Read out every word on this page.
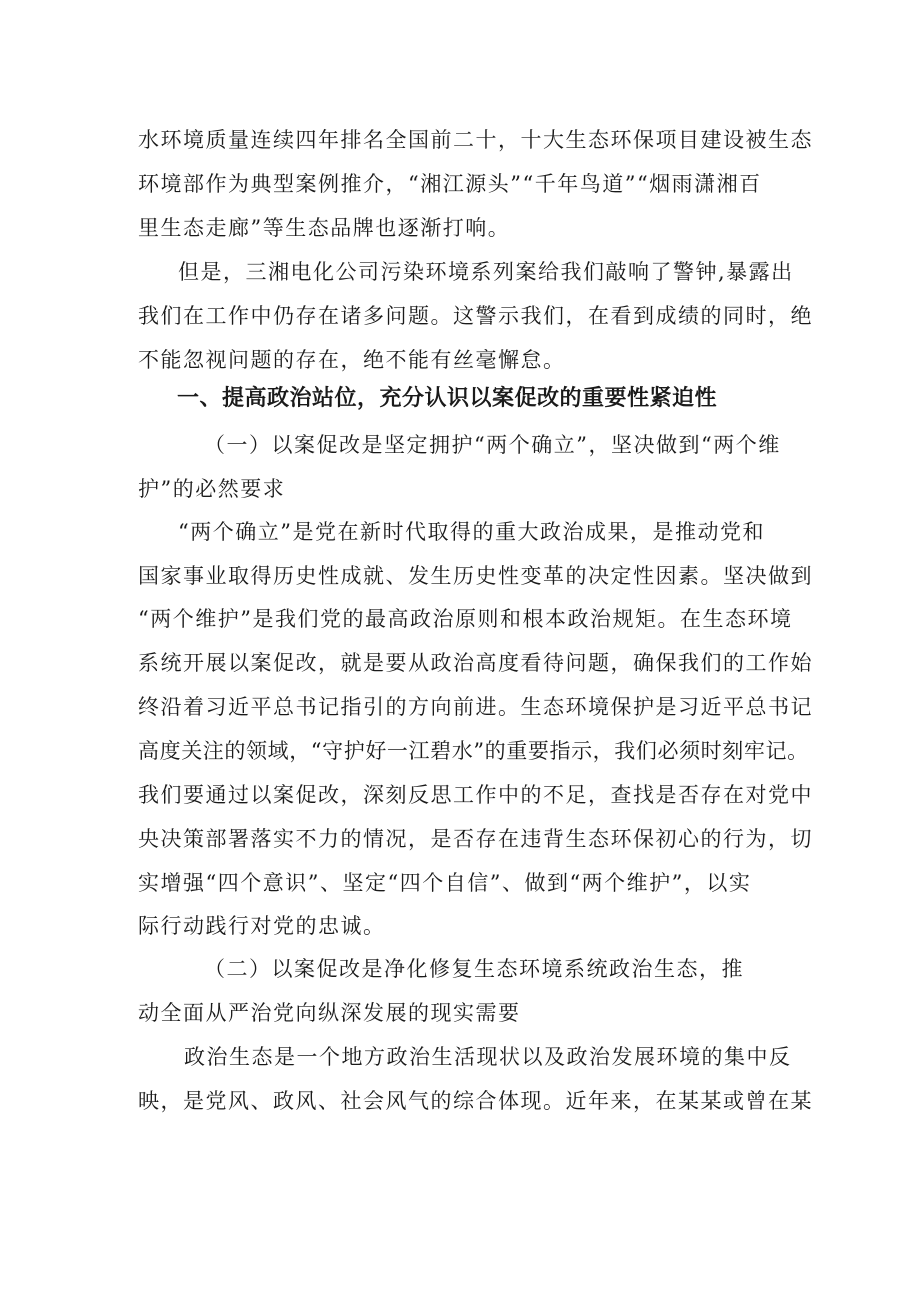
水环境质量连续四年排名全国前二十，十大生态环保项目建设被生态
环境部作为典型案例推介，“湘江源头”“千年鸟道”“烟雨潇湘百
里生态走廊”等生态品牌也逐渐打响。
但是，三湘电化公司污染环境系列案给我们敲响了警钟,暴露出
我们在工作中仍存在诸多问题。这警示我们，在看到成绩的同时，绝
不能忽视问题的存在，绝不能有丝毫懈怠。
一、提高政治站位，充分认识以案促改的重要性紧迫性
（一）以案促改是坚定拥护“两个确立”，坚决做到“两个维
护”的必然要求
“两个确立”是党在新时代取得的重大政治成果，是推动党和
国家事业取得历史性成就、发生历史性变革的决定性因素。坚决做到
“两个维护”是我们党的最高政治原则和根本政治规矩。在生态环境
系统开展以案促改，就是要从政治高度看待问题，确保我们的工作始
终沿着习近平总书记指引的方向前进。生态环境保护是习近平总书记
高度关注的领域，“守护好一江碧水”的重要指示，我们必须时刻牢记。
我们要通过以案促改，深刻反思工作中的不足，查找是否存在对党中
央决策部署落实不力的情况，是否存在违背生态环保初心的行为，切
实增强“四个意识”、坚定“四个自信”、做到“两个维护”，以实
际行动践行对党的忠诚。
（二）以案促改是净化修复生态环境系统政治生态，推
动全面从严治党向纵深发展的现实需要
政治生态是一个地方政治生活现状以及政治发展环境的集中反
映，是党风、政风、社会风气的综合体现。近年来，在某某或曾在某
